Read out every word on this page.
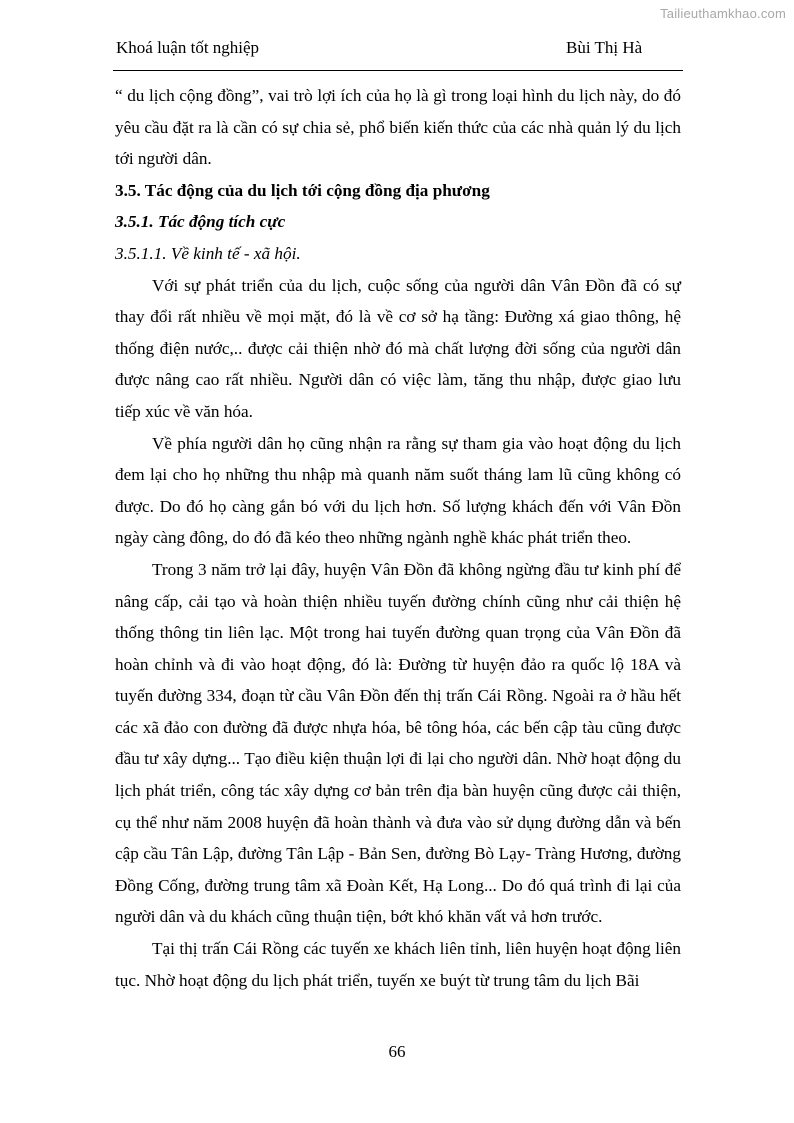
Tailieuthamkhao.com
Khoá luận tốt nghiệp	Bùi Thị Hà

“ du lịch cộng đồng”, vai trò lợi ích của họ là gì trong loại hình du lịch này, do đó yêu cầu đặt ra là cần có sự chia sẻ, phổ biến kiến thức của các nhà quản lý du lịch tới người dân.

3.5. Tác động của du lịch tới cộng đồng địa phương

3.5.1. Tác động tích cực

3.5.1.1. Về kinh tế - xã hội.

Với sự phát triển của du lịch, cuộc sống của người dân Vân Đồn đã có sự thay đổi rất nhiều về mọi mặt, đó là về cơ sở hạ tầng: Đường xá giao thông, hệ thống điện nước,.. được cải thiện nhờ đó mà chất lượng đời sống của người dân được nâng cao rất nhiều. Người dân có việc làm, tăng thu nhập, được giao lưu tiếp xúc về văn hóa.

Về phía người dân họ cũng nhận ra rằng sự tham gia vào hoạt động du lịch đem lại cho họ những thu nhập mà quanh năm suốt tháng lam lũ cũng không có được. Do đó họ càng gắn bó với du lịch hơn. Số lượng khách đến với Vân Đồn ngày càng đông, do đó đã kéo theo những ngành nghề khác phát triển theo.

Trong 3 năm trở lại đây, huyện Vân Đồn đã không ngừng đầu tư kinh phí để nâng cấp, cải tạo và hoàn thiện nhiều tuyến đường chính cũng như cải thiện hệ thống thông tin liên lạc. Một trong hai tuyến đường quan trọng của Vân Đồn đã hoàn chỉnh và đi vào hoạt động, đó là: Đường từ huyện đảo ra quốc lộ 18A và tuyến đường 334, đoạn từ cầu Vân Đồn đến thị trấn Cái Rồng. Ngoài ra ở hầu hết các xã đảo con đường đã được nhựa hóa, bê tông hóa, các bến cập tàu cũng được đầu tư xây dựng... Tạo điều kiện thuận lợi đi lại cho người dân. Nhờ hoạt động du lịch phát triển, công tác xây dựng cơ bản trên địa bàn huyện cũng được cải thiện, cụ thể như năm 2008 huyện đã hoàn thành và đưa vào sử dụng đường dẫn và bến cập cầu Tân Lập, đường Tân Lập - Bản Sen, đường Bò Lạy- Tràng Hương, đường Đồng Cống, đường trung tâm xã Đoàn Kết, Hạ Long... Do đó quá trình đi lại của người dân và du khách cũng thuận tiện, bớt khó khăn vất vả hơn trước.

Tại thị trấn Cái Rồng các tuyến xe khách liên tỉnh, liên huyện hoạt động liên tục. Nhờ hoạt động du lịch phát triển, tuyến xe buýt từ trung tâm du lịch Bãi

66
